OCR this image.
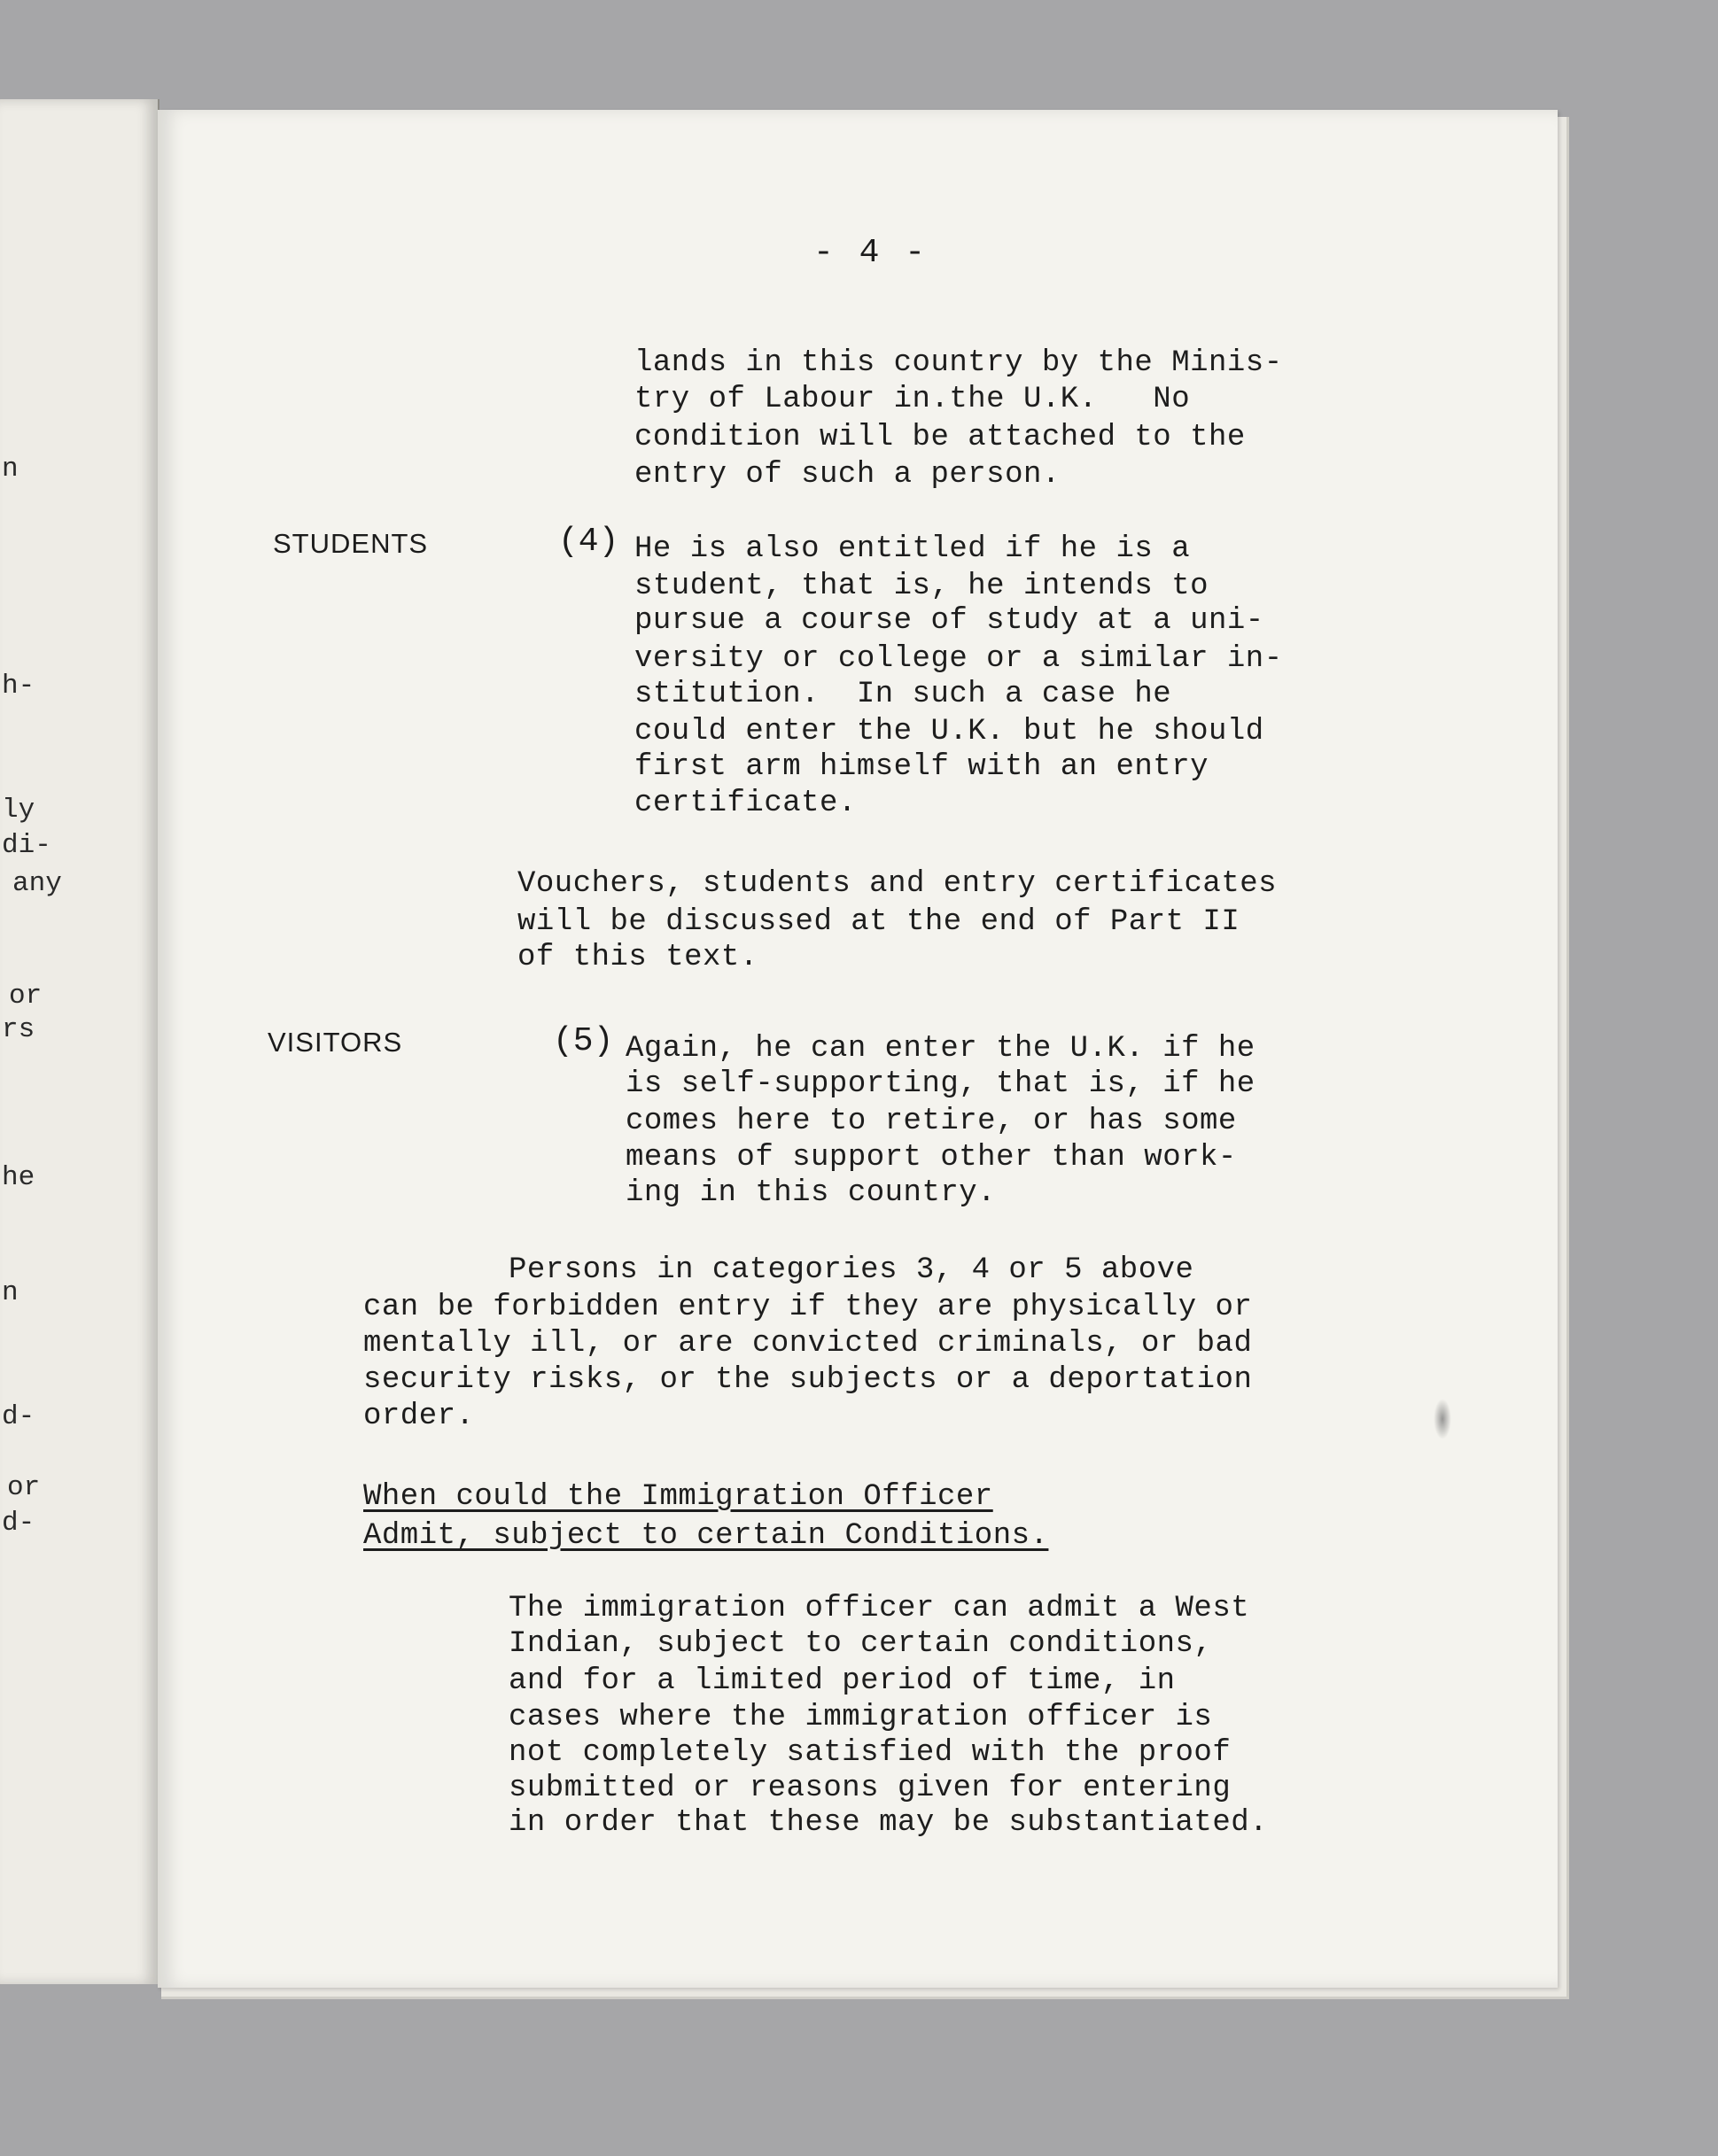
n
h-
ly
di-
any
or
rs
he
n
d-
or
d-
- 4 -
lands in this country by the Minis-
try of Labour in.the U.K.   No
condition will be attached to the
entry of such a person.
STUDENTS	(4) He is also entitled if he is a
student, that is, he intends to
pursue a course of study at a uni-
versity or college or a similar in-
stitution.  In such a case he
could enter the U.K. but he should
first arm himself with an entry
certificate.
Vouchers, students and entry certificates
will be discussed at the end of Part II
of this text.
VISITORS	(5) Again, he can enter the U.K. if he
is self-supporting, that is, if he
comes here to retire, or has some
means of support other than work-
ing in this country.
Persons in categories 3, 4 or 5 above
can be forbidden entry if they are physically or
mentally ill, or are convicted criminals, or bad
security risks, or the subjects or a deportation
order.
When could the Immigration Officer
Admit, subject to certain Conditions.
The immigration officer can admit a West
Indian, subject to certain conditions,
and for a limited period of time, in
cases where the immigration officer is
not completely satisfied with the proof
submitted or reasons given for entering
in order that these may be substantiated.
